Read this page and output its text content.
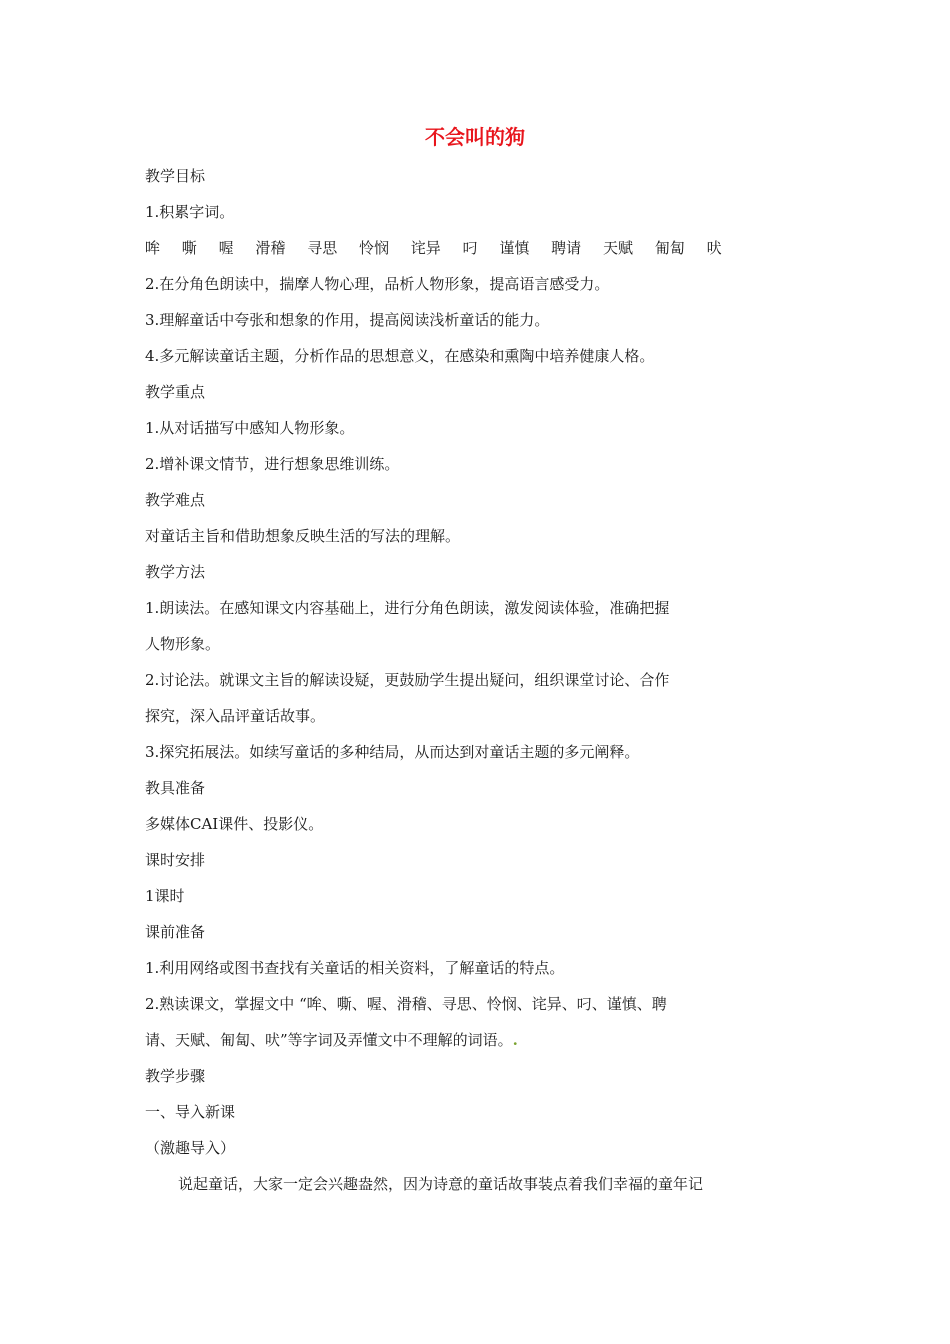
不会叫的狗
教学目标
1.积累字词。
哞 嘶 喔 滑稽 寻思 怜悯 诧异 叼 谨慎 聘请 天赋 匍匐 吠
2.在分角色朗读中，揣摩人物心理，品析人物形象，提高语言感受力。
3.理解童话中夸张和想象的作用，提高阅读浅析童话的能力。
4.多元解读童话主题，分析作品的思想意义，在感染和熏陶中培养健康人格。
教学重点
1.从对话描写中感知人物形象。
2.增补课文情节，进行想象思维训练。
教学难点
对童话主旨和借助想象反映生活的写法的理解。
教学方法
1.朗读法。在感知课文内容基础上，进行分角色朗读，激发阅读体验，准确把握
人物形象。
2.讨论法。就课文主旨的解读设疑，更鼓励学生提出疑问，组织课堂讨论、合作
探究，深入品评童话故事。
3.探究拓展法。如续写童话的多种结局，从而达到对童话主题的多元阐释。
教具准备
多媒体CAI课件、投影仪。
课时安排
1课时
课前准备
1.利用网络或图书查找有关童话的相关资料，了解童话的特点。
2.熟读课文，掌握文中 “哞、嘶、喔、滑稽、寻思、怜悯、诧异、叼、谨慎、聘
请、天赋、匍匐、吠”等字词及弄懂文中不理解的词语。.
教学步骤
一、导入新课
（激趣导入）
说起童话，大家一定会兴趣盎然，因为诗意的童话故事装点着我们幸福的童年记
